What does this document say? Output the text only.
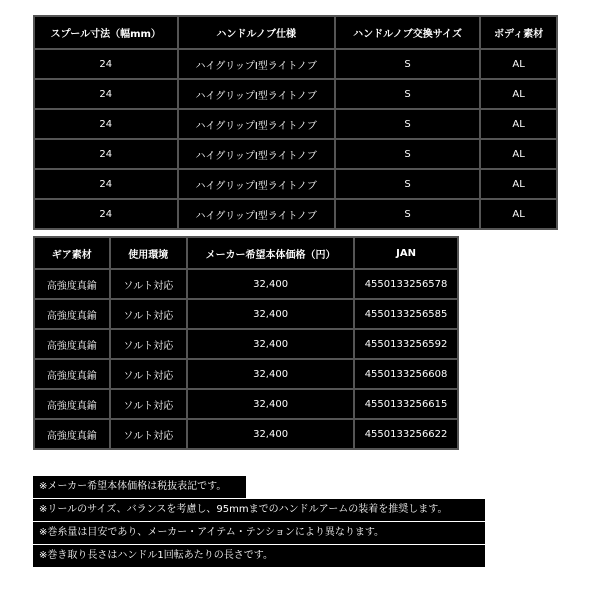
スプール寸法（幅mm）	ハンドルノブ仕様	ハンドルノブ交換サイズ	ボディ素材
24	ハイグリップI型ライトノブ	S	AL
24	ハイグリップI型ライトノブ	S	AL
24	ハイグリップI型ライトノブ	S	AL
24	ハイグリップI型ライトノブ	S	AL
24	ハイグリップI型ライトノブ	S	AL
24	ハイグリップI型ライトノブ	S	AL
ギア素材	使用環境	メーカー希望本体価格（円）	JAN
高強度真鍮	ソルト対応	32,400	4550133256578
高強度真鍮	ソルト対応	32,400	4550133256585
高強度真鍮	ソルト対応	32,400	4550133256592
高強度真鍮	ソルト対応	32,400	4550133256608
高強度真鍮	ソルト対応	32,400	4550133256615
高強度真鍮	ソルト対応	32,400	4550133256622
※メーカー希望本体価格は税抜表記です。
※リールのサイズ、バランスを考慮し、95mmまでのハンドルアームの装着を推奨します。
※巻糸量は目安であり、メーカー・アイテム・テンションにより異なります。
※巻き取り長さはハンドル1回転あたりの長さです。
